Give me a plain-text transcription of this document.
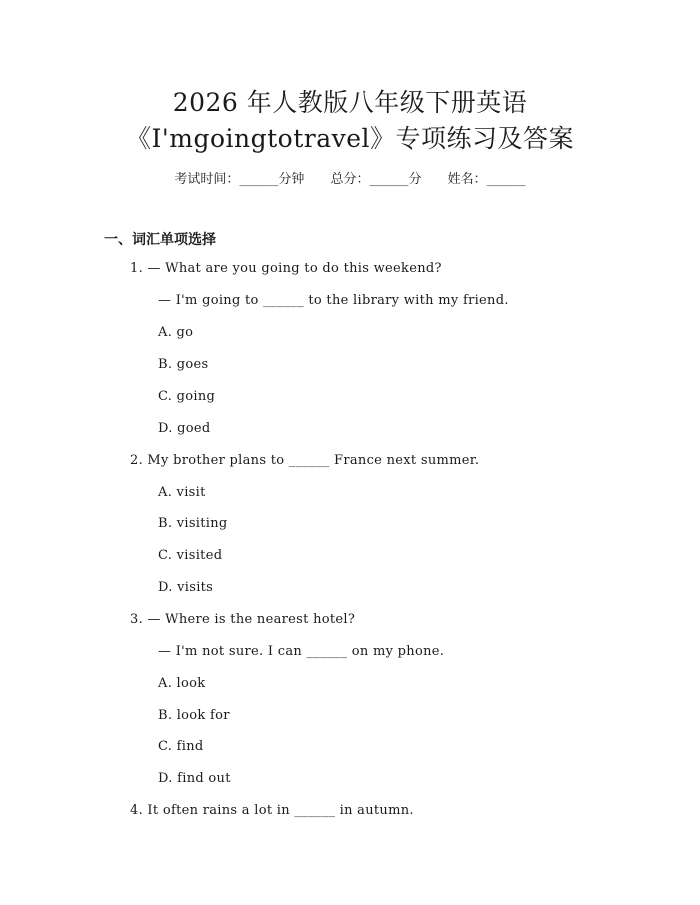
2026 年人教版八年级下册英语
《I'mgoingtotravel》专项练习及答案
考试时间：______分钟 总分：______分 姓名：______
一、词汇单项选择
1. — What are you going to do this weekend?
— I'm going to ______ to the library with my friend.
A. go
B. goes
C. going
D. goed
2. My brother plans to ______ France next summer.
A. visit
B. visiting
C. visited
D. visits
3. — Where is the nearest hotel?
— I'm not sure. I can ______ on my phone.
A. look
B. look for
C. find
D. find out
4. It often rains a lot in ______ in autumn.
